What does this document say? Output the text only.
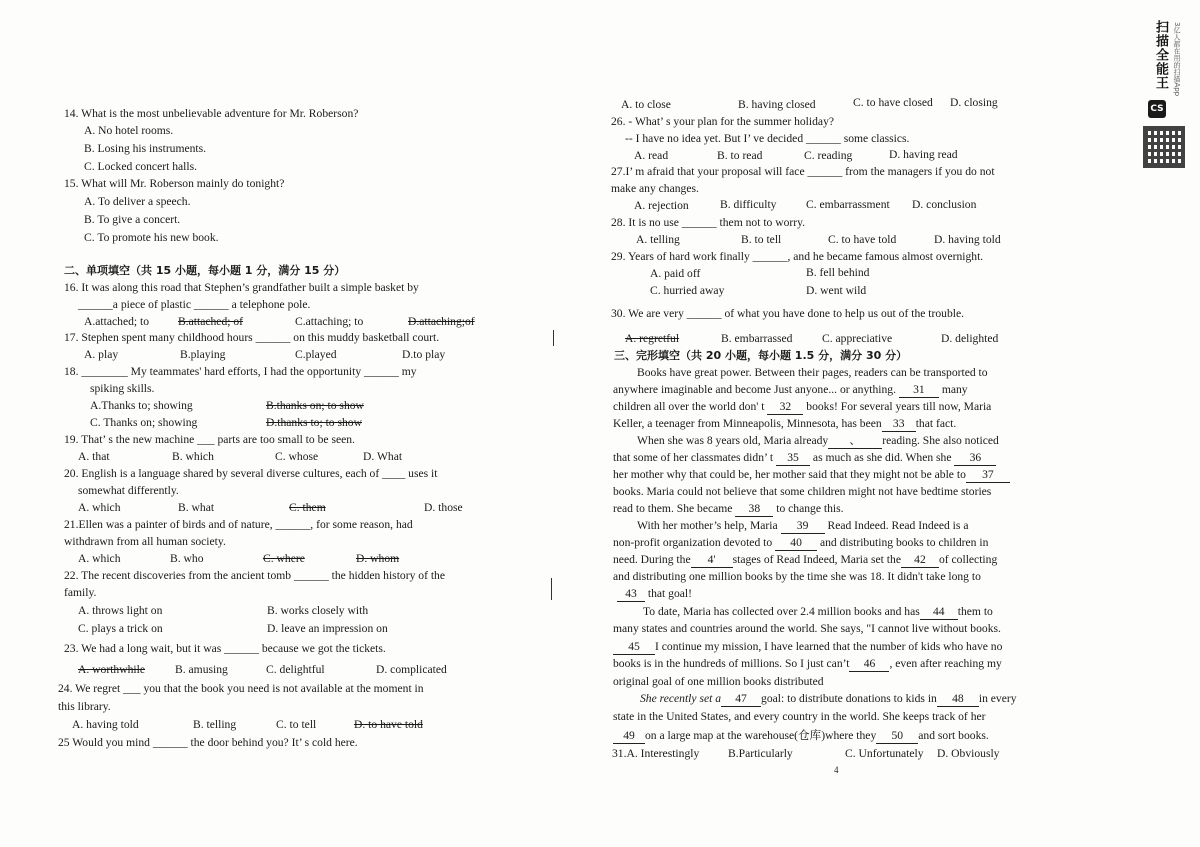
14. What is the most unbelievable adventure for Mr. Roberson?
A. No hotel rooms.
B. Losing his instruments.
C. Locked concert halls.
15. What will Mr. Roberson mainly do tonight?
A. To deliver a speech.
B. To give a concert.
C. To promote his new book.
二、单项填空（共 15 小题，每小题 1 分，满分 15 分）
16. It was along this road that Stephen’s grandfather built a simple basket by
______a piece of plastic ______ a telephone pole.
A.attached; to B.attached; of	C.attaching; to	D.attaching;of
17. Stephen spent many childhood hours ______ on this muddy basketball court.
A. play	B.playing	C.played	D.to play
18. ________ My teammates' hard efforts, I had the opportunity ______ my
spiking skills.
A.Thanks to; showing	B.thanks on; to show
C. Thanks on; showing	D.thanks to; to show
19. That’ s the new machine ___ parts are too small to be seen.
A. that	B. which	C. whose	D. What
20. English is a language shared by several diverse cultures, each of ____ uses it
somewhat differently.
A. which	B. what	C. them	D. those
21.Ellen was a painter of birds and of nature, ______, for some reason, had
withdrawn from all human society.
A. which	B. who	C. where	D. whom
22. The recent discoveries from the ancient tomb ______ the hidden history of the
family.
A. throws light on	B. works closely with
C. plays a trick on	D. leave an impression on
23. We had a long wait, but it was ______ because we got the tickets.
A. worthwhile	B. amusing	C. delightful	D. complicated
24. We regret ___ you that the book you need is not available at the moment in
this library.
A. having told	B. telling	C. to tell	D. to have told
25 Would you mind ______ the door behind you? It’ s cold here.
A. to close	B. having closed	C. to have closed D. closing
26. - What’ s your plan for the summer holiday?
-- I have no idea yet. But I’ ve decided ______ some classics.
A. read	B. to read	C. reading	D. having read
27.I’ m afraid that your proposal will face ______ from the managers if you do not
make any changes.
A. rejection	B. difficulty	C. embarrassment D. conclusion
28. It is no use ______ them not to worry.
A. telling	B. to tell	C. to have told	D. having told
29. Years of hard work finally ______, and he became famous almost overnight.
A. paid off	B. fell behind
C. hurried away	D. went wild
30. We are very ______ of what you have done to help us out of the trouble.
A. regretful	B. embarrassed	C. appreciative	D. delighted
三、完形填空（共 20 小题，每小题 1.5 分，满分 30 分）
Books have great power. Between their pages, readers can be transported to
anywhere imaginable and become Just anyone... or anything. 31 many
children all over the world don' t 32 books! For several years till now, Maria
Keller, a teenager from Minneapolis, Minnesota, has been 33 that fact.
When she was 8 years old, Maria already 、 reading. She also noticed
that some of her classmates didn’ t 35 as much as she did. When she 36
her mother why that could be, her mother said that they might not be able to 37
books. Maria could not believe that some children might not have bedtime stories
read to them. She became 38 to change this.
With her mother’s help, Maria 39 Read Indeed. Read Indeed is a
non-profit organization devoted to 40 and distributing books to children in
need. During the 4' stages of Read Indeed, Maria set the 42 of collecting
and distributing one million books by the time she was 18. It didn't take long to
43 that goal!
To date, Maria has collected over 2.4 million books and has 44 them to
many states and countries around the world. She says, "I cannot live without books.
45 I continue my mission, I have learned that the number of kids who have no
books is in the hundreds of millions. So I just can’t 46 , even after reaching my
original goal of one million books distributed
She recently set a 47 goal: to distribute donations to kids in 48 in every
state in the United States, and every country in the world. She keeps track of her
49 on a large map at the warehouse(仓库)where they 50 and sort books.
31.A. Interestingly B.Particularly	C. Unfortunately D. Obviously
4
扫描全能王 3亿人都在用的扫描App
CS
